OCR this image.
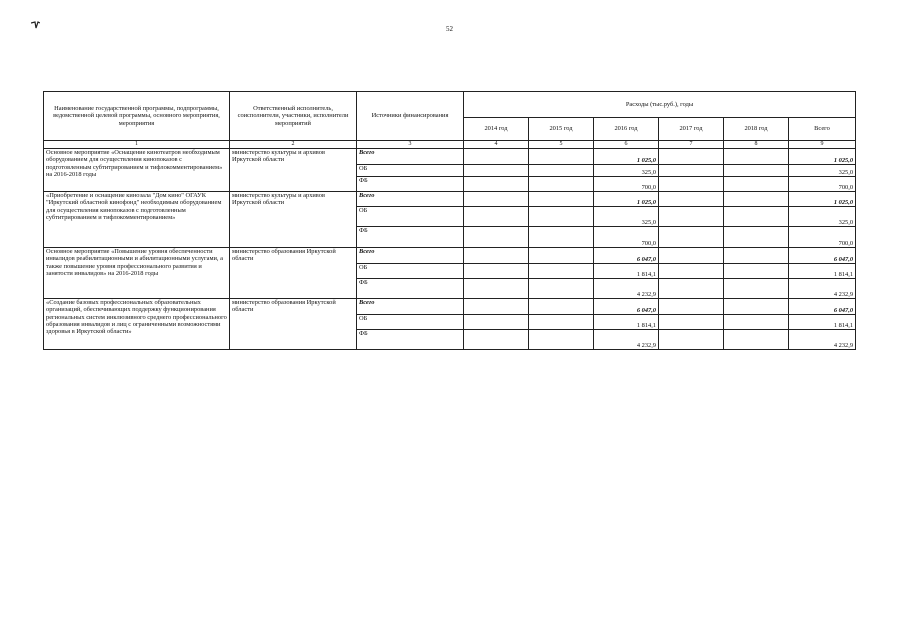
52
Наименование государственной программы, подпрограммы, ведомственной целевой программы, основного мероприятия, мероприятия	Ответственный исполнитель, соисполнители, участники, исполнители мероприятий	Источники финансирования	Расходы (тыс.руб.), годы					
			2014 год	2015 год	2016 год	2017 год	2018 год	Всего
1	2	3	4	5	6	7	8	9
Основное мероприятие «Оснащение кинотеатров необходимым оборудованием для осуществления кинопоказов с подготовленным субтитрированием и тифлокомментированием» на 2016-2018 годы	министерство культуры и архивов Иркутской области	Всего			1 025,0			1 025,0
		ОБ			325,0			325,0
		ФБ			700,0			700,0
«Приобретение и оснащение кинозала "Дом кино" ОГАУК "Иркутский областной кинофонд" необходимым оборудованием для осуществления кинопоказов с подготовленным субтитрированием и тифлокомментированием»	министерство культуры и архивов Иркутской области	Всего			1 025,0			1 025,0
		ОБ			325,0			325,0
		ФБ			700,0			700,0
Основное мероприятие «Повышение уровня обеспеченности инвалидов реабилитационными и абилитационными услугами, а также повышение уровня профессионального развития и занятости инвалидов» на 2016-2018 годы	министерство образования Иркутской области	Всего			6 047,0			6 047,0
		ОБ			1 814,1			1 814,1
		ФБ			4 232,9			4 232,9
«Создание базовых профессиональных образовательных организаций, обеспечивающих поддержку функционирования региональных систем инклюзивного среднего профессионального образования инвалидов и лиц с ограниченными возможностями здоровья в Иркутской области»	министерство образования Иркутской области	Всего			6 047,0			6 047,0
		ОБ			1 814,1			1 814,1
		ФБ			4 232,9			4 232,9
